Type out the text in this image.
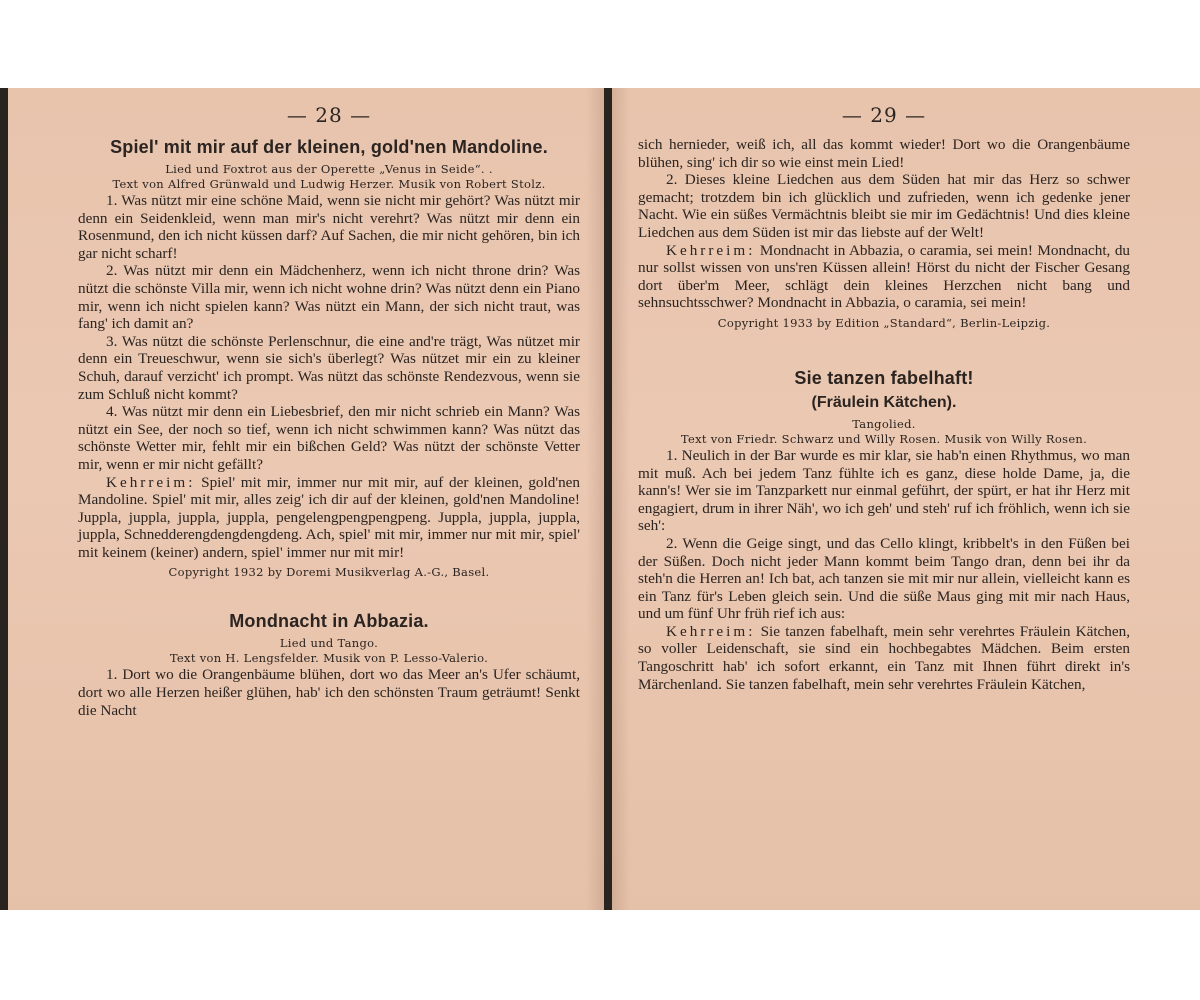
— 28 —
Spiel' mit mir auf der kleinen, gold'nen Mandoline.

Lied und Foxtrot aus der Operette „Venus in Seide“. .

Text von Alfred Grünwald und Ludwig Herzer. Musik von Robert Stolz.

1. Was nützt mir eine schöne Maid, wenn sie nicht mir gehört? Was nützt mir denn ein Seidenkleid, wenn man mir's nicht verehrt? Was nützt mir denn ein Rosenmund, den ich nicht küssen darf? Auf Sachen, die mir nicht gehören, bin ich gar nicht scharf!

2. Was nützt mir denn ein Mädchenherz, wenn ich nicht throne drin? Was nützt die schönste Villa mir, wenn ich nicht wohne drin? Was nützt denn ein Piano mir, wenn ich nicht spielen kann? Was nützt ein Mann, der sich nicht traut, was fang' ich damit an?

3. Was nützt die schönste Perlenschnur, die eine and're trägt, Was nützet mir denn ein Treueschwur, wenn sie sich's überlegt? Was nützet mir ein zu kleiner Schuh, darauf verzicht' ich prompt. Was nützt das schönste Rendezvous, wenn sie zum Schluß nicht kommt?

4. Was nützt mir denn ein Liebesbrief, den mir nicht schrieb ein Mann? Was nützt ein See, der noch so tief, wenn ich nicht schwimmen kann? Was nützt das schönste Wetter mir, fehlt mir ein bißchen Geld? Was nützt der schönste Vetter mir, wenn er mir nicht gefällt?

Kehrreim: Spiel' mit mir, immer nur mit mir, auf der kleinen, gold'nen Mandoline. Spiel' mit mir, alles zeig' ich dir auf der kleinen, gold'nen Mandoline! Juppla, juppla, juppla, juppla, pengelengpengpengpeng. Juppla, juppla, juppla, juppla, Schnedderengdengdengdeng. Ach, spiel' mit mir, immer nur mit mir, spiel' mit keinem (keiner) andern, spiel' immer nur mit mir!

Copyright 1932 by Doremi Musikverlag A.-G., Basel.

Mondnacht in Abbazia.

Lied und Tango.

Text von H. Lengsfelder. Musik von P. Lesso-Valerio.

1. Dort wo die Orangenbäume blühen, dort wo das Meer an's Ufer schäumt, dort wo alle Herzen heißer glühen, hab' ich den schönsten Traum geträumt! Senkt die Nacht

— 29 —

sich hernieder, weiß ich, all das kommt wieder! Dort wo die Orangenbäume blühen, sing' ich dir so wie einst mein Lied!

2. Dieses kleine Liedchen aus dem Süden hat mir das Herz so schwer gemacht; trotzdem bin ich glücklich und zufrieden, wenn ich gedenke jener Nacht. Wie ein süßes Vermächtnis bleibt sie mir im Gedächtnis! Und dies kleine Liedchen aus dem Süden ist mir das liebste auf der Welt!

Kehrreim: Mondnacht in Abbazia, o caramia, sei mein! Mondnacht, du nur sollst wissen von uns'ren Küssen allein! Hörst du nicht der Fischer Gesang dort über'm Meer, schlägt dein kleines Herzchen nicht bang und sehnsuchtsschwer? Mondnacht in Abbazia, o caramia, sei mein!

Copyright 1933 by Edition „Standard“, Berlin-Leipzig.

Sie tanzen fabelhaft!
(Fräulein Kätchen).

Tangolied.

Text von Friedr. Schwarz und Willy Rosen. Musik von Willy Rosen.

1. Neulich in der Bar wurde es mir klar, sie hab'n einen Rhythmus, wo man mit muß. Ach bei jedem Tanz fühlte ich es ganz, diese holde Dame, ja, die kann's! Wer sie im Tanzparkett nur einmal geführt, der spürt, er hat ihr Herz mit engagiert, drum in ihrer Näh', wo ich geh' und steh' ruf ich fröhlich, wenn ich sie seh':

2. Wenn die Geige singt, und das Cello klingt, kribbelt's in den Füßen bei der Süßen. Doch nicht jeder Mann kommt beim Tango dran, denn bei ihr da steh'n die Herren an! Ich bat, ach tanzen sie mit mir nur allein, vielleicht kann es ein Tanz für's Leben gleich sein. Und die süße Maus ging mit mir nach Haus, und um fünf Uhr früh rief ich aus:

Kehrreim: Sie tanzen fabelhaft, mein sehr verehrtes Fräulein Kätchen, so voller Leidenschaft, sie sind ein hochbegabtes Mädchen. Beim ersten Tangoschritt hab' ich sofort erkannt, ein Tanz mit Ihnen führt direkt in's Märchenland. Sie tanzen fabelhaft, mein sehr verehrtes Fräulein Kätchen,
